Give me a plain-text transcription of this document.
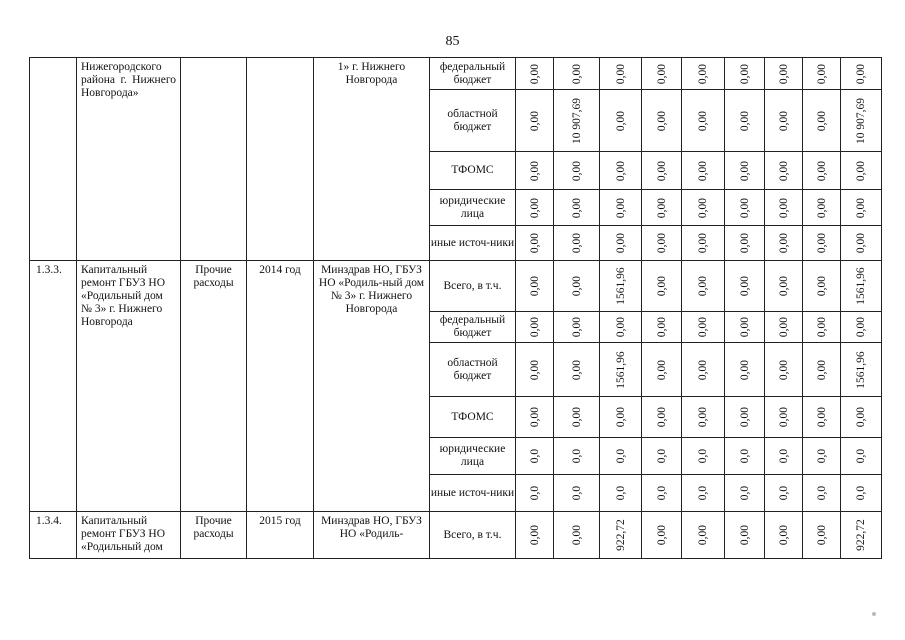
85
	Нижегородского района г. Нижнего Новгорода»			1» г. Нижнего Новгорода	федеральный бюджет	0,00	0,00	0,00	0,00	0,00	0,00	0,00	0,00	0,00

					областной бюджет	0,00	10 907,69	0,00	0,00	0,00	0,00	0,00	0,00	10 907,69

					ТФОМС	0,00	0,00	0,00	0,00	0,00	0,00	0,00	0,00	0,00

					юридические лица	0,00	0,00	0,00	0,00	0,00	0,00	0,00	0,00	0,00

					иные источ-ники	0,00	0,00	0,00	0,00	0,00	0,00	0,00	0,00	0,00

1.3.3.	Капитальный ремонт ГБУЗ НО «Родильный дом № 3» г. Нижнего Новгорода	Прочие расходы	2014 год	Минздрав НО, ГБУЗ НО «Родиль-ный дом № 3» г. Нижнего Новгорода	Всего, в т.ч.	0,00	0,00	1561,96	0,00	0,00	0,00	0,00	0,00	1561,96

					федеральный бюджет	0,00	0,00	0,00	0,00	0,00	0,00	0,00	0,00	0,00

					областной бюджет	0,00	0,00	1561,96	0,00	0,00	0,00	0,00	0,00	1561,96

					ТФОМС	0,00	0,00	0,00	0,00	0,00	0,00	0,00	0,00	0,00

					юридические лица	0,0	0,0	0,0	0,0	0,0	0,0	0,0	0,0	0,0

					иные источ-ники	0,0	0,0	0,0	0,0	0,0	0,0	0,0	0,0	0,0

1.3.4.	Капитальный ремонт ГБУЗ НО «Родильный дом	Прочие расходы	2015 год	Минздрав НО, ГБУЗ НО «Родиль-	Всего, в т.ч.	0,00	0,00	922,72	0,00	0,00	0,00	0,00	0,00	922,72
